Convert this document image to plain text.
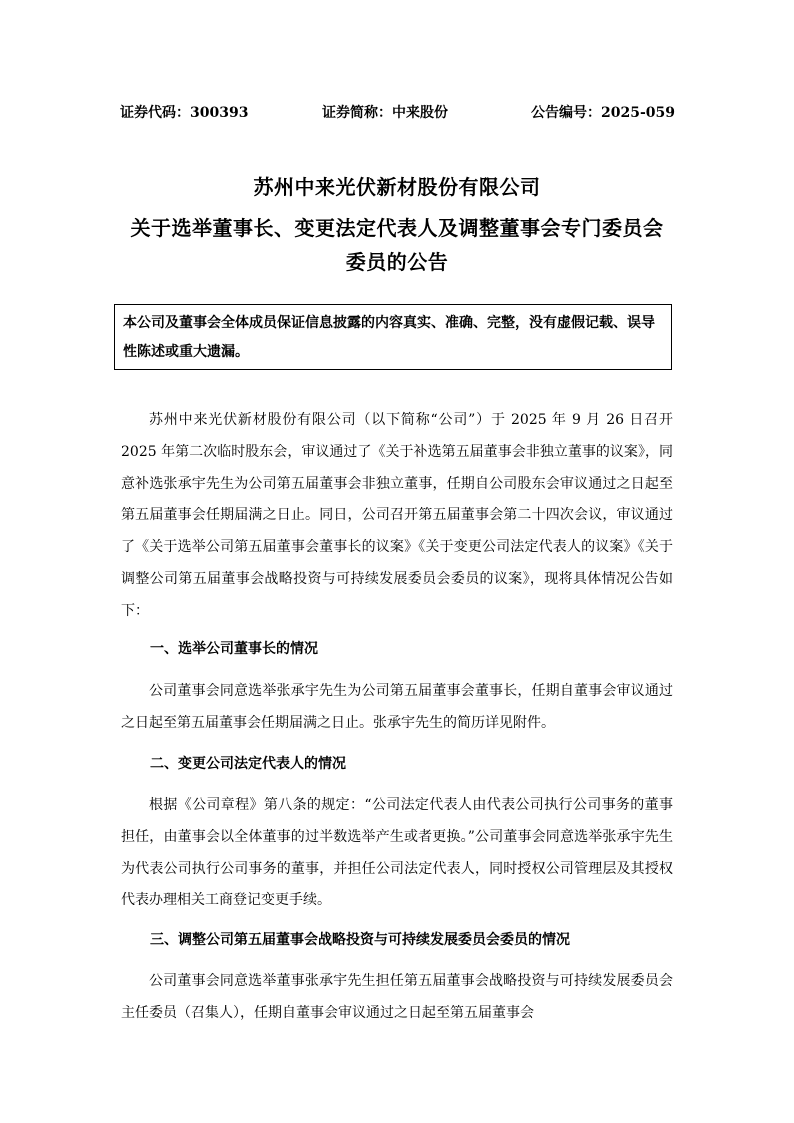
证券代码：300393	证券简称：中来股份	公告编号：2025-059
苏州中来光伏新材股份有限公司
关于选举董事长、变更法定代表人及调整董事会专门委员会
委员的公告
本公司及董事会全体成员保证信息披露的内容真实、准确、完整，没有虚假记载、误导性陈述或重大遗漏。
苏州中来光伏新材股份有限公司（以下简称“公司”）于 2025 年 9 月 26 日召开 2025 年第二次临时股东会，审议通过了《关于补选第五届董事会非独立董事的议案》，同意补选张承宇先生为公司第五届董事会非独立董事，任期自公司股东会审议通过之日起至第五届董事会任期届满之日止。同日，公司召开第五届董事会第二十四次会议，审议通过了《关于选举公司第五届董事会董事长的议案》《关于变更公司法定代表人的议案》《关于调整公司第五届董事会战略投资与可持续发展委员会委员的议案》，现将具体情况公告如下：
一、选举公司董事长的情况
公司董事会同意选举张承宇先生为公司第五届董事会董事长，任期自董事会审议通过之日起至第五届董事会任期届满之日止。张承宇先生的简历详见附件。
二、变更公司法定代表人的情况
根据《公司章程》第八条的规定：“公司法定代表人由代表公司执行公司事务的董事担任，由董事会以全体董事的过半数选举产生或者更换。”公司董事会同意选举张承宇先生为代表公司执行公司事务的董事，并担任公司法定代表人，同时授权公司管理层及其授权代表办理相关工商登记变更手续。
三、调整公司第五届董事会战略投资与可持续发展委员会委员的情况
公司董事会同意选举董事张承宇先生担任第五届董事会战略投资与可持续发展委员会主任委员（召集人），任期自董事会审议通过之日起至第五届董事会
